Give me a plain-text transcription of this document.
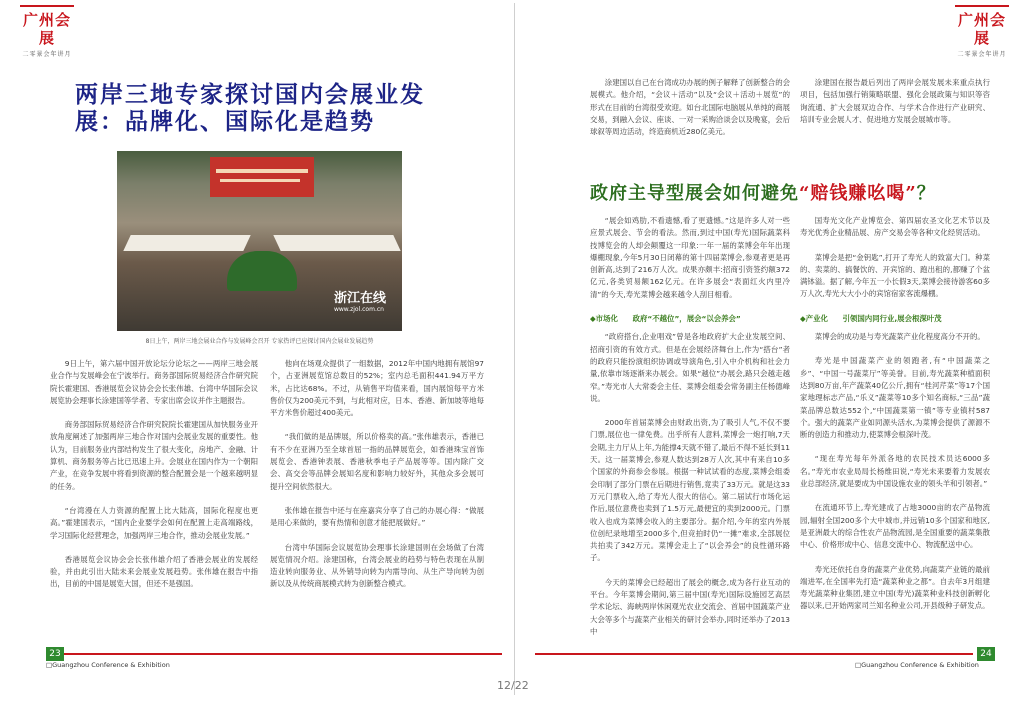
广州会展
二零景会年讲月
两岸三地专家探讨国内会展业发展：品牌化、国际化是趋势
浙江在线
www.zjol.com.cn
8日上午，两岸三地会展业合作与发展峰会召开 专家热评已应探讨国内会展业发展趋势

9日上午，第六届中国开放论坛分论坛之——两岸三地会展业合作与发展峰会在宁波举行。商务部国际贸易经济合作研究院院长霍建国、香港展览会议协会会长张伟雄、台湾中华国际会议展览协会理事长涂建国等学者、专家出席会议并作主题报告。

商务部国际贸易经济合作研究院院长霍建国从加快服务业开放角度阐述了加强两岸三地合作对国内会展业发展的重要性。他认为，目前服务业内部结构发生了很大变化，房地产、金融、计算机、商务服务等占比已迅速上升。会展业在国内作为一个朝阳产业，在竞争发展中将看到资源的整合配置会是一个越来越明显的任务。

“台湾漫在人力资源的配置上比大陆高，国际化程度也更高。”霍建国表示，“国内企业要学会如何在配置上走高端路线，学习国际化经营理念，加强两岸三地合作，推动会展业发展。”

香港展览会议协会会长张伟雄介绍了香港会展业的发展经验，并由此引出大陆未来会展业发展趋势。张伟雄在报告中指出，目前的中国是展览大国，但还不是强国。

他向在场观众提供了一组数据，2012年中国内地拥有展馆97个，占亚洲展览馆总数目的52%；室内总毛面积441.94万平方米，占比达68%。不过，从销售平均值来看，国内展馆每平方米售价仅为200美元不到，与此相对应，日本、香港、新加坡等地每平方米售价超过400美元。

“我们做的是品牌展，所以价格卖的高。”张伟雄表示，香港已有不少在亚洲乃至全球首屈一指的品牌展览会，如香港珠宝首饰展览会、香港钟表展、香港秋季电子产品展等等。国内除广交会、高交会等品牌会展知名度和影响力较好外，其他众多会展可提升空间依然很大。

张伟雄在报告中还与在座嘉宾分享了自己的办展心得：“做展是用心来做的，要有热情和创意才能把展做好。”

台湾中华国际会议展览协会理事长涂建国则在会场做了台湾展览情况介绍。涂建国称，台湾会展业的趋势与特色表现在从制造业转向服务业、从外销导向转为内需导向、从生产导向转为创新以及从传统商展模式转为创新整合模式。

23
□Guangzhou Conference & Exhibition
广州会展
二零景会年讲月

涂建国以自己在台湾成功办展的例子解释了创新整合的会展模式。他介绍，“会议＋活动”以及“会议＋活动＋展览”的形式在目前的台湾很受欢迎。如台北国际电脑展从单纯的商展交易，到融入会议、座谈、一对一采购洽谈会以及晚宴，会后球叙等周边活动，终造商机近280亿美元。

涂建国在报告最后列出了两岸会展发展未来重点执行项目，包括加强行销策略联盟、强化会展政策与知识等咨询流通、扩大会展双边合作、与学术合作进行产业研究、培训专业会展人才、促进地方发展会展城市等。

政府主导型展会如何避免“赔钱赚吆喝”？

“展会如鸡肋,不看遗憾,看了更遗憾。”这是许多人对一些应景式展会、节会的看法。然而,到过中国(寿光)国际蔬菜科技博览会的人却会颠覆这一印象:一年一届的菜博会年年出现爆棚现象,今年5月30日闭幕的第十四届菜博会,参观者更是再创新高,达到了216万人次。成果亦颇丰:招商引资签约额372亿元,各类贸易额162亿元。在许多展会“表面红火内里冷清”的今天,寿光菜博会越来越令人刮目相看。

◆市场化　　政府“不越位”，展会“以会养会”

“政府搭台,企业唱戏”曾是各地政府扩大企业发展空间、招商引资的有效方式。但是在会展经济舞台上,作为“搭台”者的政府只能扮演组织协调或导演角色,引入中介机构和社会力量,依靠市场逐渐来办展会。如果“越位”办展会,路只会越走越窄。”寿光市人大常委会主任、菜博会组委会常务副主任杨德峰说。

2000年首届菜博会由财政出资,为了吸引人气,不仅不要门票,展位也一律免费。出乎所有人意料,菜博会一炮打响,7天会期,主力厅从上年,为能撑4天就不错了,最后不得不延长到11天。这一届菜博会,参观人数达到28万人次,其中有来自10多个国家的外商参会参展。根据一种试试看的态度,菜博会组委会印制了部分门票在后期进行销售,竟卖了33万元。就是这33万元门票收入,给了寿光人很大的信心。第二届试行市场化运作后,展位意费也卖到了1.5万元,最便宜的卖到2000元。门票收入也成为菜博会收入的主要部分。据介绍,今年的室内外展位创纪录地增至2000多个,但竞拍时仍“一摊”难求,全部展位共拍卖了342万元。菜博会走上了“以会养会”的良性循环路子。

今天的菜博会已经超出了展会的概念,成为各行业互动的平台。今年菜博会期间,第三届中国(寿光)国际设施园艺高层学术论坛、海峡两岸休闲观光农业交流会、首届中国蔬菜产业大会等多个与蔬菜产业相关的研讨会举办,同时还举办了2013中

国寿光文化产业博览会、第四届农圣文化艺术节以及寿光优秀企业精品展、房产交易会等各种文化经贸活动。

菜博会是把“金钥匙”,打开了寿光人的致富大门。种菜的、卖菜的、搞餐饮的、开宾馆的、跑出租的,都赚了个盆满钵溢。据了解,今年五一小长假3天,菜博会接待游客60多万人次,寿光大大小小的宾馆宿家客流爆棚。

◆产业化　　引领国内同行业,展会根深叶茂

菜博会的成功是与寿光蔬菜产业化程度高分不开的。

寿光是中国蔬菜产业的领跑者,有“中国蔬菜之乡”、“中国一号蔬菜厅”等美誉。目前,寿光蔬菜种植面积达到80万亩,年产蔬菜40亿公斤,拥有“桂河芹菜”等17个国家地理标志产品,“乐义”蔬菜等10多个知名商标,“三品”蔬菜品牌总数达552个,“中国蔬菜第一镇”等专业镇村587个。强大的蔬菜产业如同源头活水,为菜博会提供了源源不断的创造力和推动力,使菜博会根深叶茂。

“现在寿光每年外派各地的农民技术员达6000多名。”寿光市农业局局长杨维田说,“寿光未来要着力发展农业总部经济,就是要成为中国设施农业的领头羊和引领者。”

在流通环节上,寿光建成了占地3000亩的农产品物流园,辐射全国200多个大中城市,并远销10多个国家和地区,是亚洲最大的综合性农产品物流园,是全国重要的蔬菜集散中心、价格形成中心、信息交流中心、物流配送中心。

寿光还依托自身的蔬菜产业优势,向蔬菜产业链的最前端进军,在全国率先打造“蔬菜种业之都”。自去年3月组建寿光蔬菜种业集团,建立中国(寿光)蔬菜种业科技创新孵化器以来,已开始两家司兰知名种业公司,开县级种子研发点。

24
□Guangzhou Conference & Exhibition
12/22
